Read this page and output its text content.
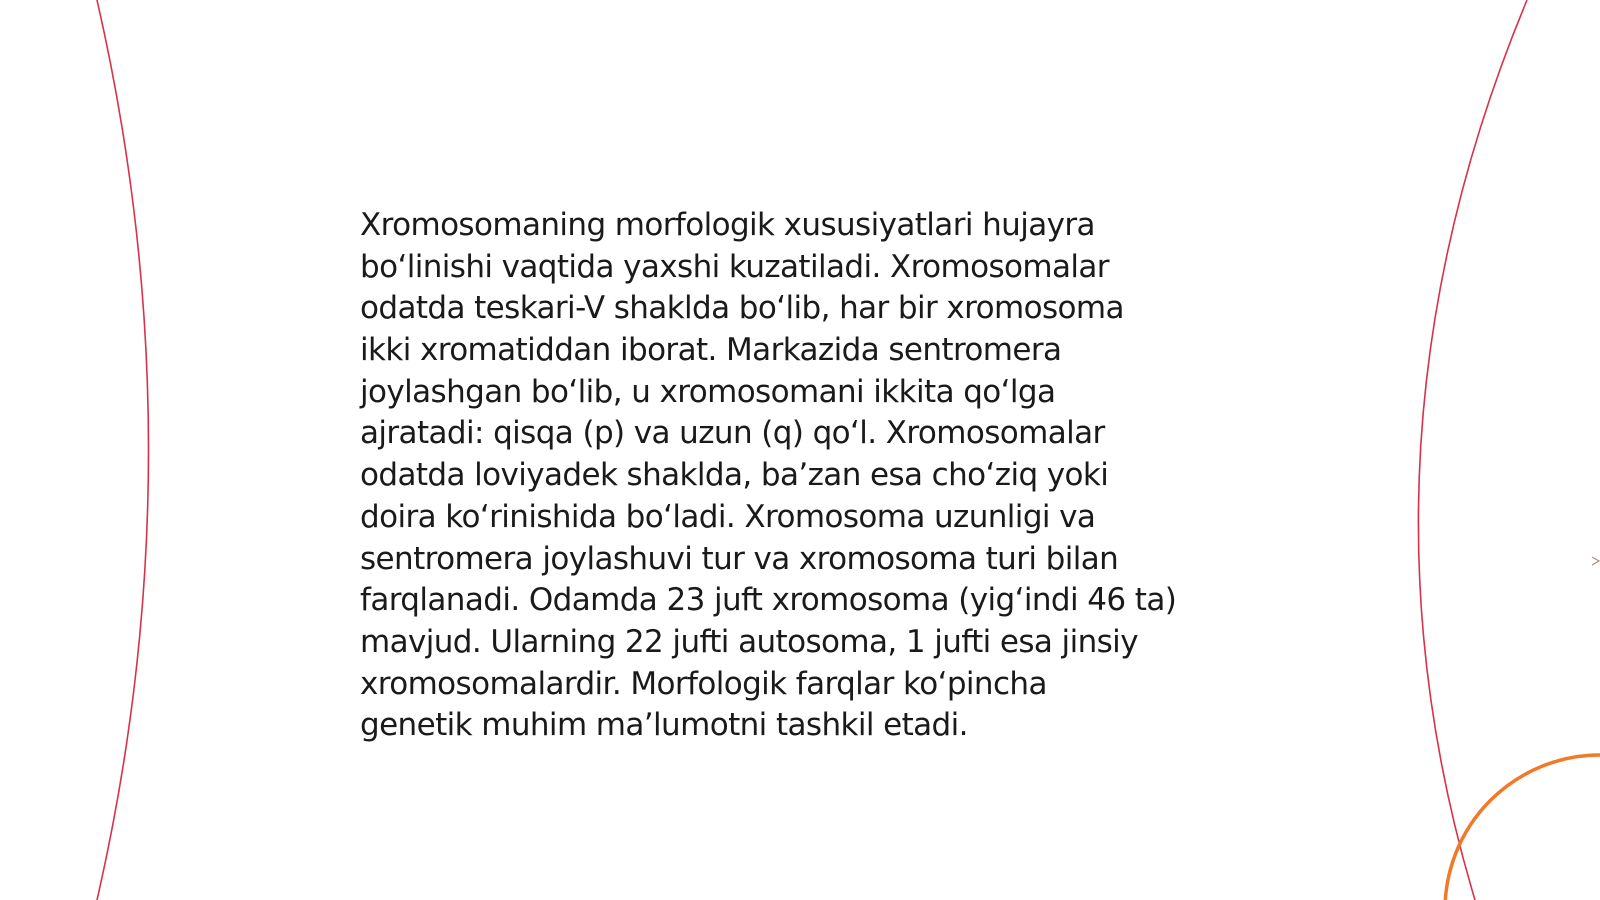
Xromosomaning morfologik xususiyatlari hujayra
bo‘linishi vaqtida yaxshi kuzatiladi. Xromosomalar
odatda teskari-V shaklda bo‘lib, har bir xromosoma
ikki xromatiddan iborat. Markazida sentromera
joylashgan bo‘lib, u xromosomani ikkita qo‘lga
ajratadi: qisqa (p) va uzun (q) qo‘l. Xromosomalar
odatda loviyadek shaklda, ba’zan esa cho‘ziq yoki
doira ko‘rinishida bo‘ladi. Xromosoma uzunligi va
sentromera joylashuvi tur va xromosoma turi bilan
farqlanadi. Odamda 23 juft xromosoma (yig‘indi 46 ta)
mavjud. Ularning 22 jufti autosoma, 1 jufti esa jinsiy
xromosomalardir. Morfologik farqlar ko‘pincha
genetik muhim ma’lumotni tashkil etadi.
